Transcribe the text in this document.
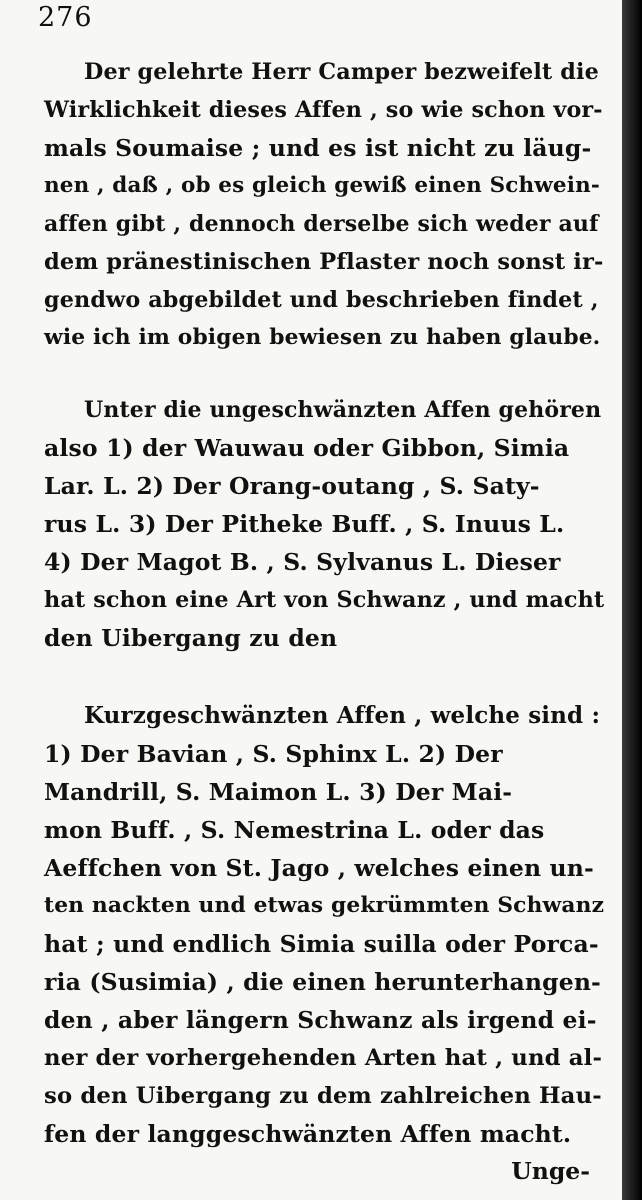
276
Der gelehrte Herr Camper bezweifelt die
Wirklichkeit dieses Affen , so wie schon vor-
mals Soumaise ; und es ist nicht zu läug-
nen , daß , ob es gleich gewiß einen Schwein-
affen gibt , dennoch derselbe sich weder auf
dem pränestinischen Pflaster noch sonst ir-
gendwo abgebildet und beschrieben findet ,
wie ich im obigen bewiesen zu haben glaube.
Unter die ungeschwänzten Affen gehören
also 1) der Wauwau oder Gibbon, Simia
Lar. L. 2) Der Orang-outang , S. Saty-
rus L. 3) Der Pitheke Buff. , S. Inuus L.
4) Der Magot B. , S. Sylvanus L. Dieser
hat schon eine Art von Schwanz , und macht
den Uibergang zu den
Kurzgeschwänzten Affen , welche sind :
1) Der Bavian , S. Sphinx L. 2) Der
Mandrill, S. Maimon L. 3) Der Mai-
mon Buff. , S. Nemestrina L. oder das
Aeffchen von St. Jago , welches einen un-
ten nackten und etwas gekrümmten Schwanz
hat ; und endlich Simia suilla oder Porca-
ria (Susimia) , die einen herunterhangen-
den , aber längern Schwanz als irgend ei-
ner der vorhergehenden Arten hat , und al-
so den Uibergang zu dem zahlreichen Hau-
fen der langgeschwänzten Affen macht.
Unge-
